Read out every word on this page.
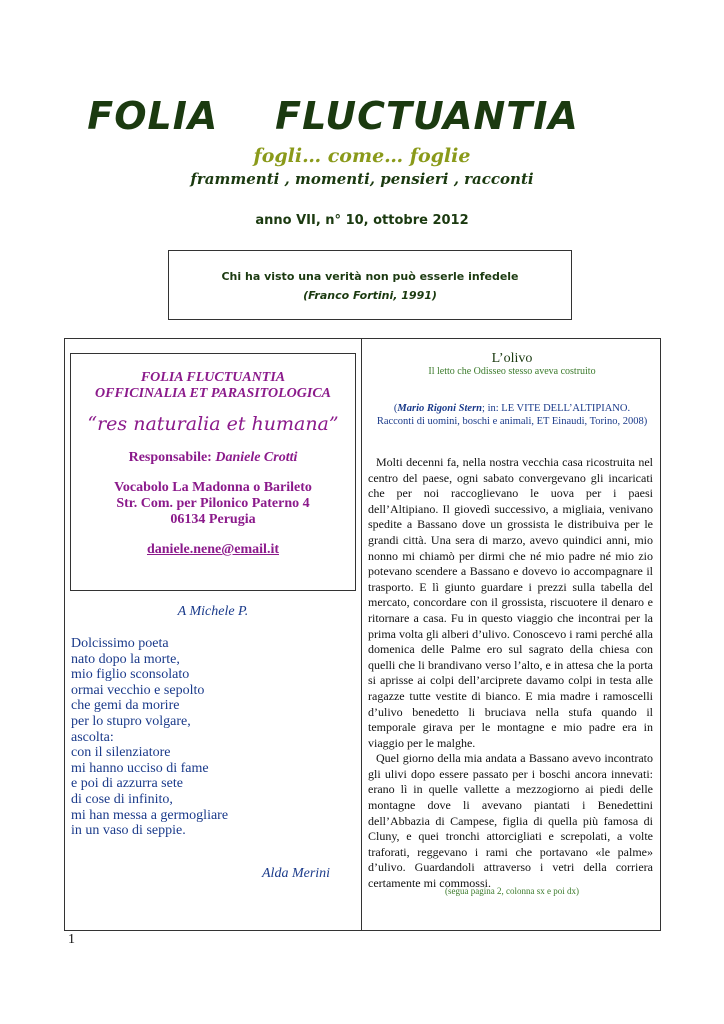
FOLIA    FLUCTUANTIA
fogli… come… foglie
frammenti , momenti, pensieri , racconti
anno VII, n° 10, ottobre 2012
Chi ha visto una verità non può esserle infedele
(Franco Fortini, 1991)
FOLIA FLUCTUANTIA
OFFICINALIA ET PARASITOLOGICA
“res naturalia et humana”
Responsabile: Daniele Crotti
Vocabolo La Madonna o Barileto
Str. Com. per Pilonico Paterno 4
06134 Perugia
daniele.nene@email.it
A Michele P.
Dolcissimo poeta
nato dopo la morte,
mio figlio sconsolato
ormai vecchio e sepolto
che gemi da morire
per lo stupro volgare,
ascolta:
con il silenziatore
mi hanno ucciso di fame
e poi di azzurra sete
di cose di infinito,
mi han messa a germogliare
in un vaso di seppie.
Alda Merini
L’olivo
Il letto che Odisseo stesso aveva costruito
(Mario Rigoni Stern; in: LE VITE DELL’ALTIPIANO.
Racconti di uomini, boschi e animali, ET Einaudi, Torino, 2008)

Molti decenni fa, nella nostra vecchia casa ricostruita nel centro del paese, ogni sabato convergevano gli incaricati che per noi raccoglievano le uova per i paesi dell’Altipiano. Il giovedì successivo, a migliaia, venivano spedite a Bassano dove un grossista le distribuiva per le grandi città. Una sera di marzo, avevo quindici anni, mio nonno mi chiamò per dirmi che né mio padre né mio zio potevano scendere a Bassano e dovevo io accompagnare il trasporto. E lì giunto guardare i prezzi sulla tabella del mercato, concordare con il grossista, riscuotere il denaro e ritornare a casa. Fu in questo viaggio che incontrai per la prima volta gli alberi d’ulivo. Conoscevo i rami perché alla domenica delle Palme ero sul sagrato della chiesa con quelli che li brandivano verso l’alto, e in attesa che la porta si aprisse ai colpi dell’arciprete davamo colpi in testa alle ragazze tutte vestite di bianco. E mia madre i ramoscelli d’ulivo benedetto li bruciava nella stufa quando il temporale girava per le montagne e mio padre era in viaggio per le malghe.

Quel giorno della mia andata a Bassano avevo incontrato gli ulivi dopo essere passato per i boschi ancora innevati: erano lì in quelle vallette a mezzogiorno ai piedi delle montagne dove li avevano piantati i Benedettini dell’Abbazia di Campese, figlia di quella più famosa di Cluny, e quei tronchi attorcigliati e screpolati, a volte traforati, reggevano i rami che portavano «le palme» d’ulivo. Guardandoli attraverso i vetri della corriera certamente mi commossi.

(segua pagina 2, colonna sx e poi dx)
1
